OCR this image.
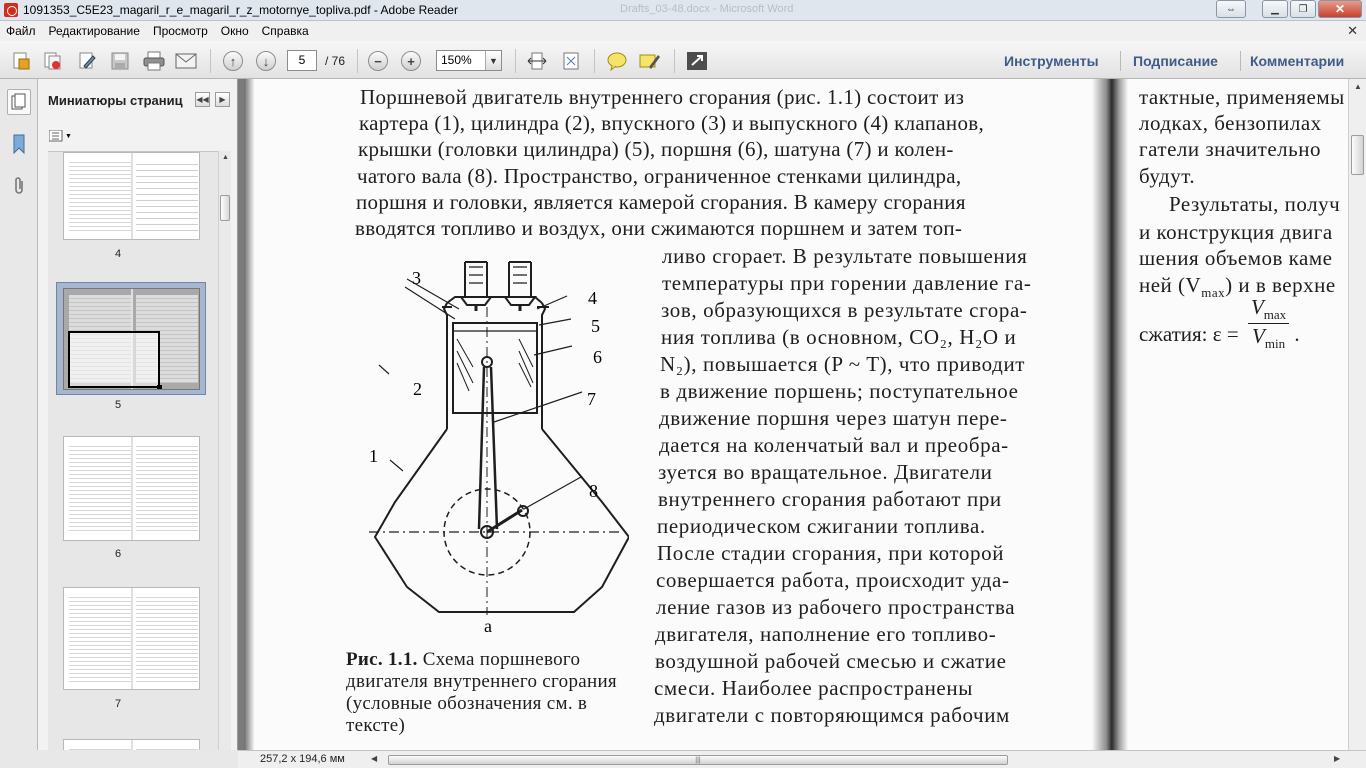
1091353_C5E23_magaril_r_e_magaril_r_z_motornye_topliva.pdf - Adobe Reader	Drafts_03-48.docx - Microsoft Word	⇔	▁	❐	✕
Файл Редактирование Просмотр Окно Справка	✕
↑	↓	5	/ 76	−	+	150%	▼	Инструменты Подписание Комментарии
Миниатюры страниц ◀◀	▶
▼
4
5
6
7
▲
Поршневой двигатель внутреннего сгорания (рис. 1.1) состоит из
картера (1), цилиндра (2), впускного (3) и выпускного (4) клапанов,
крышки (головки цилиндра) (5), поршня (6), шатуна (7) и колен-
чатого вала (8). Пространство, ограниченное стенками цилиндра,
поршня и головки, является камерой сгорания. В камеру сгорания
вводятся топливо и воздух, они сжимаются поршнем и затем топ-
ливо сгорает. В результате повышения
температуры при горении давление га-
зов, образующихся в результате сгора-
ния топлива (в основном, CO₂, H₂O и
N₂), повышается (P ~ T), что приводит
в движение поршень; поступательное
движение поршня через шатун пере-
дается на коленчатый вал и преобра-
зуется во вращательное. Двигатели
внутреннего сгорания работают при
периодическом сжигании топлива.
После стадии сгорания, при которой
совершается работа, происходит уда-
ление газов из рабочего пространства
двигателя, наполнение его топливо-
воздушной рабочей смесью и сжатие
смеси. Наиболее распространены
двигатели с повторяющимся рабочим
1
2
3
4
5
6
7
8
а
Рис. 1.1. Схема поршневого двигателя внутреннего сгорания (условные обозначения см. в тексте)
тактные, применяемы
лодках, бензопилах
гатели значительно
будут.
Результаты, получ
и конструкция двига
шения объемов каме
ней $(V_{max})$ и в верхне
сжатия: ε =
$V_{max}$
$V_{min}$ .
▲
257,2 x 194,6 мм	◀	|||	▶
